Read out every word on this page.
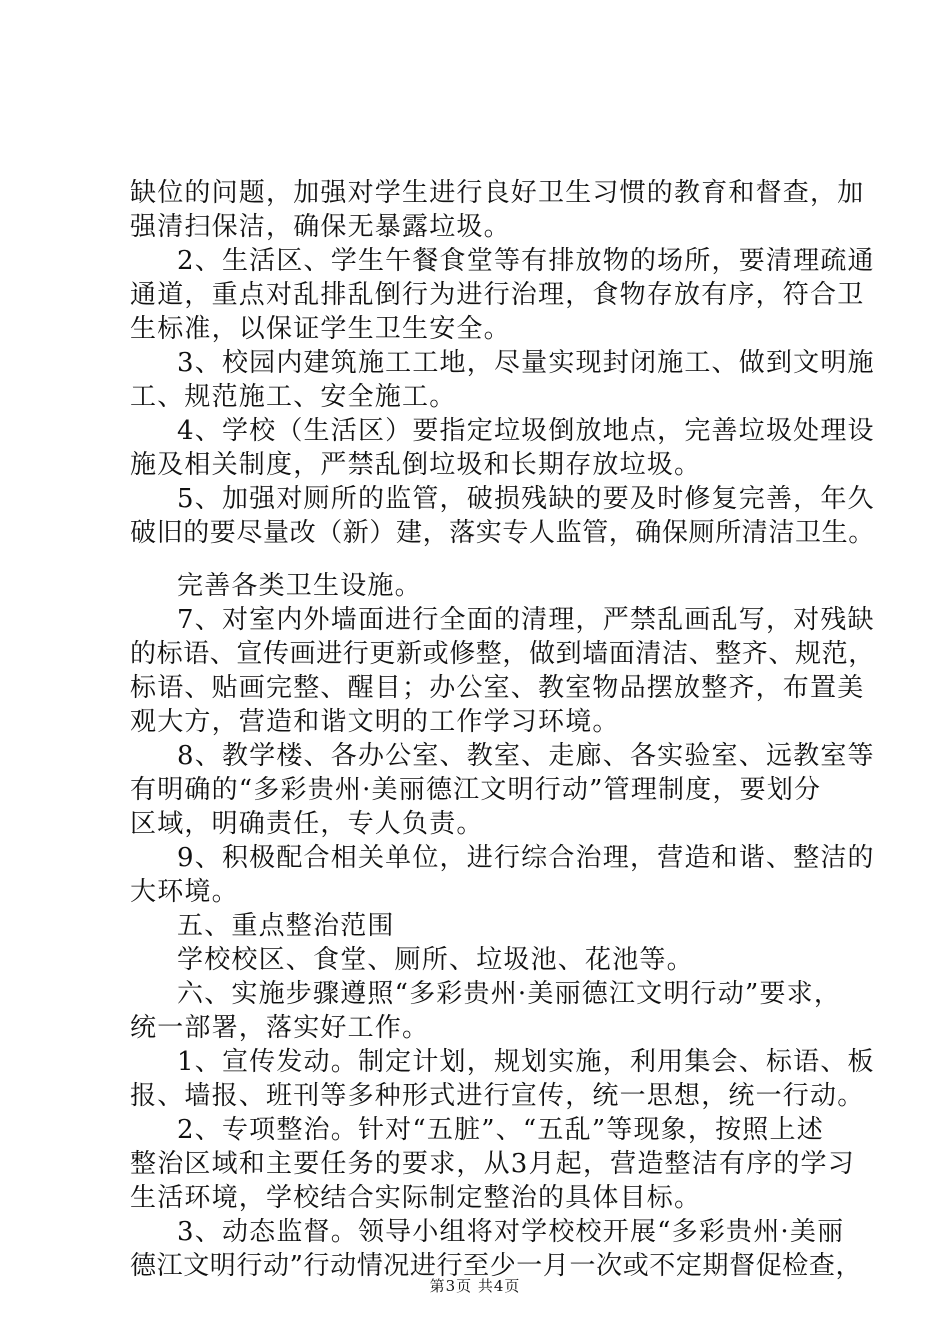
缺位的问题，加强对学生进行良好卫生习惯的教育和督查，加
强清扫保洁，确保无暴露垃圾。
2、生活区、学生午餐食堂等有排放物的场所，要清理疏通
通道，重点对乱排乱倒行为进行治理，食物存放有序，符合卫
生标准，以保证学生卫生安全。
3、校园内建筑施工工地，尽量实现封闭施工、做到文明施
工、规范施工、安全施工。
4、学校（生活区）要指定垃圾倒放地点，完善垃圾处理设
施及相关制度，严禁乱倒垃圾和长期存放垃圾。
5、加强对厕所的监管，破损残缺的要及时修复完善，年久
破旧的要尽量改（新）建，落实专人监管，确保厕所清洁卫生。
完善各类卫生设施。
7、对室内外墙面进行全面的清理，严禁乱画乱写，对残缺
的标语、宣传画进行更新或修整，做到墙面清洁、整齐、规范，
标语、贴画完整、醒目；办公室、教室物品摆放整齐，布置美
观大方，营造和谐文明的工作学习环境。
8、教学楼、各办公室、教室、走廊、各实验室、远教室等
有明确的“多彩贵州·美丽德江文明行动”管理制度，要划分
区域，明确责任，专人负责。
9、积极配合相关单位，进行综合治理，营造和谐、整洁的
大环境。
五、重点整治范围
学校校区、食堂、厕所、垃圾池、花池等。
六、实施步骤遵照“多彩贵州·美丽德江文明行动”要求，
统一部署，落实好工作。
1、宣传发动。制定计划，规划实施，利用集会、标语、板
报、墙报、班刊等多种形式进行宣传，统一思想，统一行动。
2、专项整治。针对“五脏”、“五乱”等现象，按照上述
整治区域和主要任务的要求，从3月起，营造整洁有序的学习
生活环境，学校结合实际制定整治的具体目标。
3、动态监督。领导小组将对学校校开展“多彩贵州·美丽
德江文明行动”行动情况进行至少一月一次或不定期督促检查，
第3页 共4页
